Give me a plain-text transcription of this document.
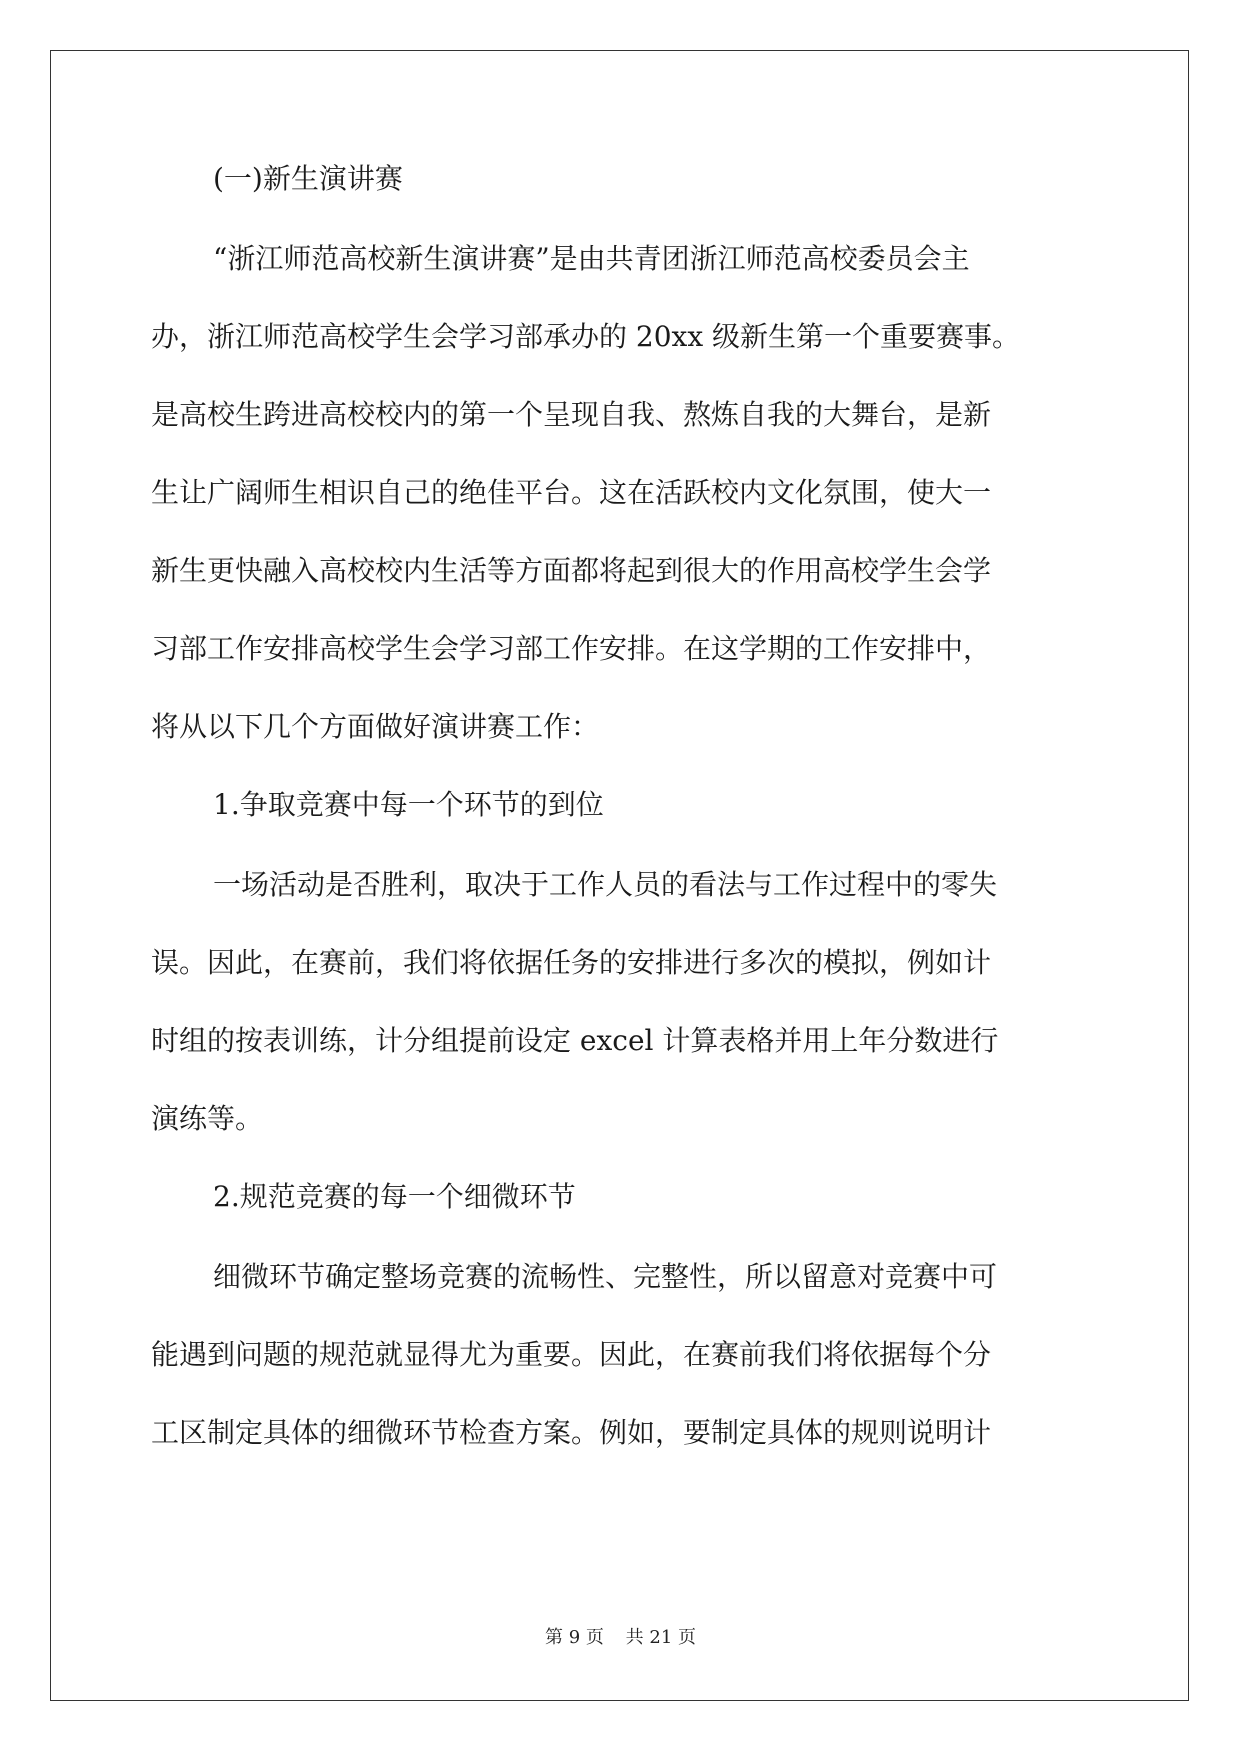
(一)新生演讲赛
“浙江师范高校新生演讲赛”是由共青团浙江师范高校委员会主
办，浙江师范高校学生会学习部承办的 20xx 级新生第一个重要赛事。
是高校生跨进高校校内的第一个呈现自我、熬炼自我的大舞台，是新
生让广阔师生相识自己的绝佳平台。这在活跃校内文化氛围，使大一
新生更快融入高校校内生活等方面都将起到很大的作用高校学生会学
习部工作安排高校学生会学习部工作安排。在这学期的工作安排中，
将从以下几个方面做好演讲赛工作：
1.争取竞赛中每一个环节的到位
一场活动是否胜利，取决于工作人员的看法与工作过程中的零失
误。因此，在赛前，我们将依据任务的安排进行多次的模拟，例如计
时组的按表训练，计分组提前设定 excel 计算表格并用上年分数进行
演练等。
2.规范竞赛的每一个细微环节
细微环节确定整场竞赛的流畅性、完整性，所以留意对竞赛中可
能遇到问题的规范就显得尤为重要。因此，在赛前我们将依据每个分
工区制定具体的细微环节检查方案。例如，要制定具体的规则说明计
第 9 页 共 21 页
